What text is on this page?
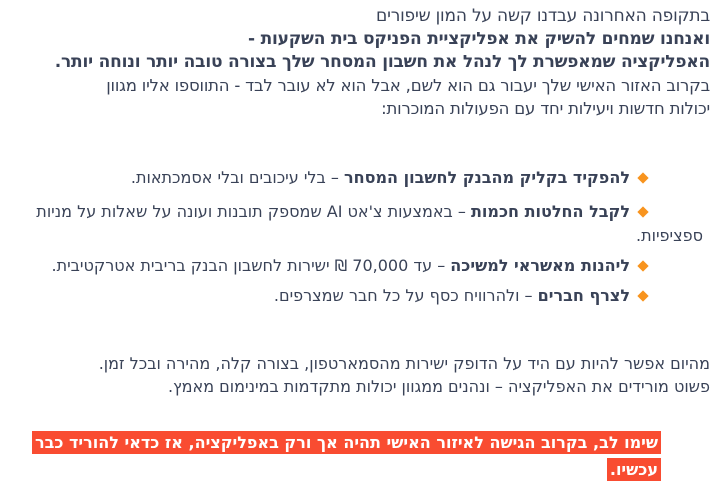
בתקופה האחרונה עבדנו קשה על המון שיפורים
ואנחנו שמחים להשיק את אפליקציית הפניקס בית השקעות -
האפליקציה שמאפשרת לך לנהל את חשבון המסחר שלך בצורה טובה יותר ונוחה יותר.
בקרוב האזור האישי שלך יעבור גם הוא לשם, אבל הוא לא עובר לבד - התווספו אליו מגוון
יכולות חדשות ויעילות יחד עם הפעולות המוכרות:
להפקיד בקליק מהבנק לחשבון המסחר – בלי עיכובים ובלי אסמכתאות.
לקבל החלטות חכמות – באמצעות צ'אט AI שמספק תובנות ועונה על שאלות על מניות
ספציפיות.
ליהנות מאשראי למשיכה – עד 70,000 ₪ ישירות לחשבון הבנק בריבית אטרקטיבית.
לצרף חברים – ולהרוויח כסף על כל חבר שמצרפים.
מהיום אפשר להיות עם היד על הדופק ישירות מהסמארטפון, בצורה קלה, מהירה ובכל זמן.
פשוט מורידים את האפליקציה – ונהנים ממגוון יכולות מתקדמות במינימום מאמץ.
שימו לב, בקרוב הגישה לאיזור האישי תהיה אך ורק באפליקציה, אז כדאי להוריד כבר
עכשיו.
